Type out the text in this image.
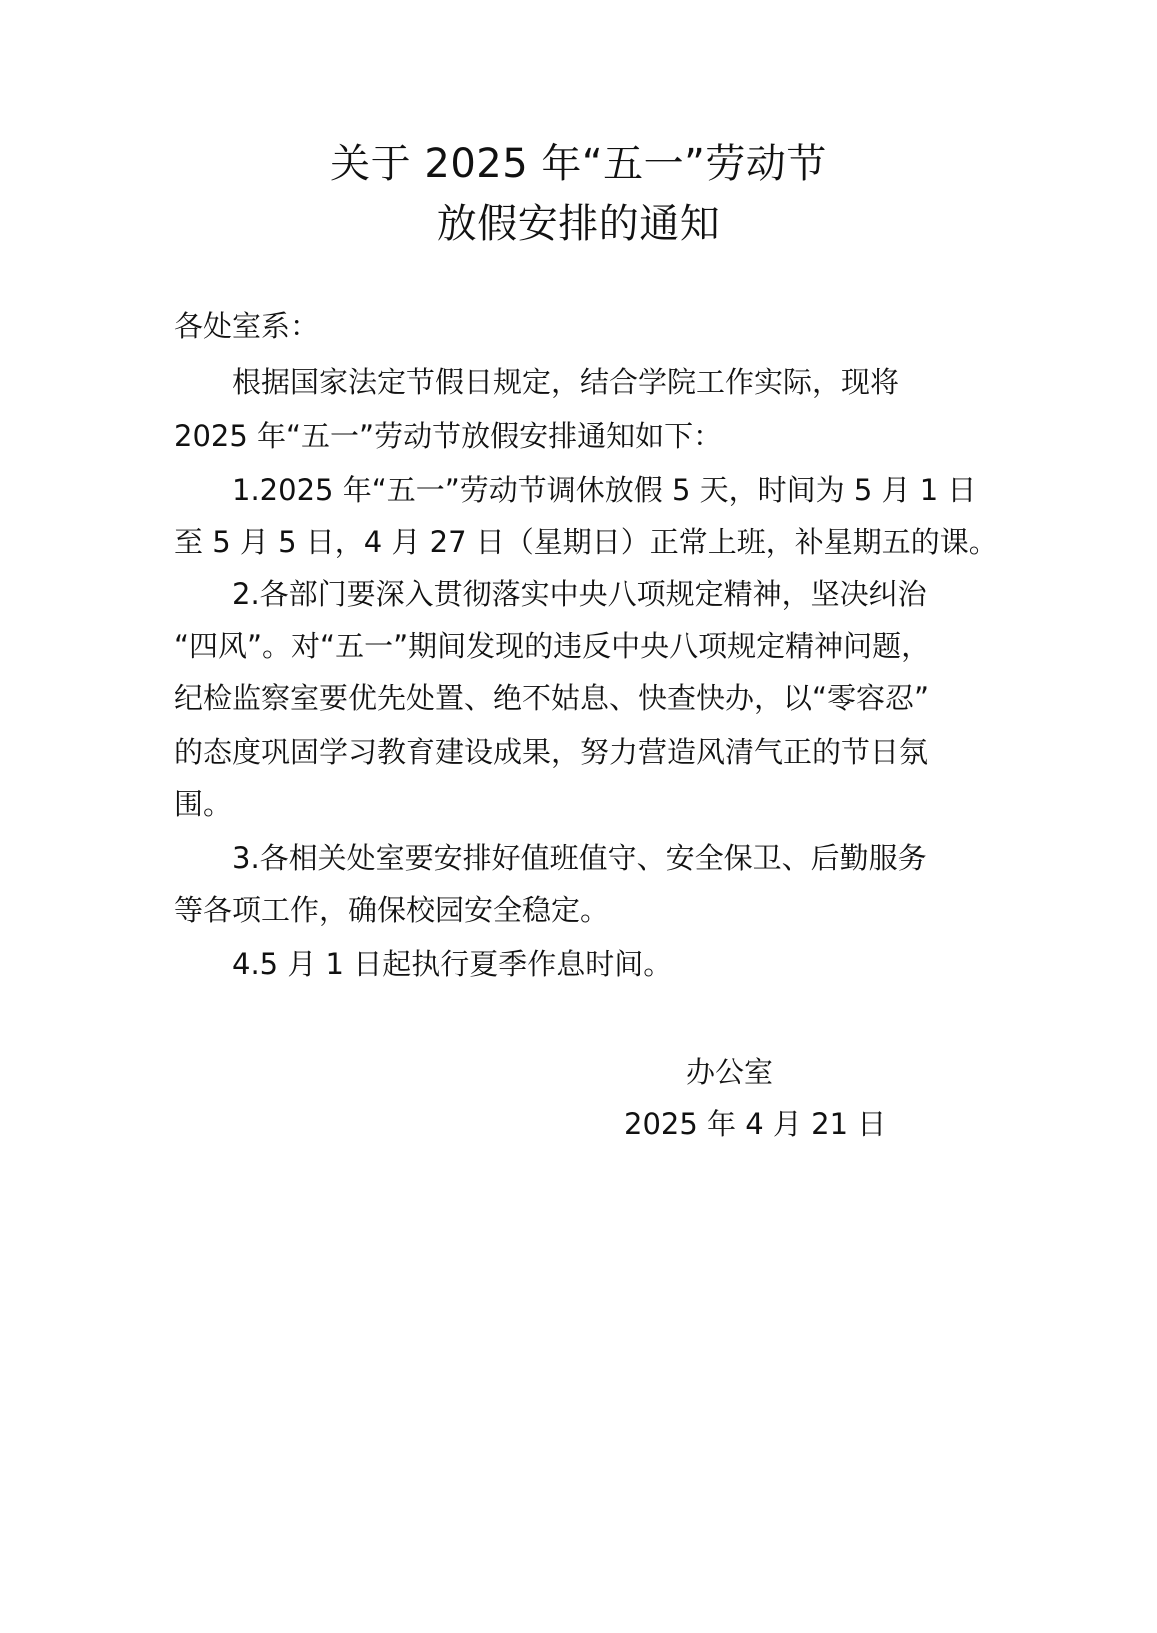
关于 2025 年“五一”劳动节
放假安排的通知
各处室系：
　　根据国家法定节假日规定，结合学院工作实际，现将
2025 年“五一”劳动节放假安排通知如下：
　　1.2025 年“五一”劳动节调休放假 5 天，时间为 5 月 1 日
至 5 月 5 日，4 月 27 日（星期日）正常上班，补星期五的课。
　　2.各部门要深入贯彻落实中央八项规定精神，坚决纠治
“四风”。对“五一”期间发现的违反中央八项规定精神问题，
纪检监察室要优先处置、绝不姑息、快查快办，以“零容忍”
的态度巩固学习教育建设成果，努力营造风清气正的节日氛
围。
　　3.各相关处室要安排好值班值守、安全保卫、后勤服务
等各项工作，确保校园安全稳定。
　　4.5 月 1 日起执行夏季作息时间。
办公室
2025 年 4 月 21 日
